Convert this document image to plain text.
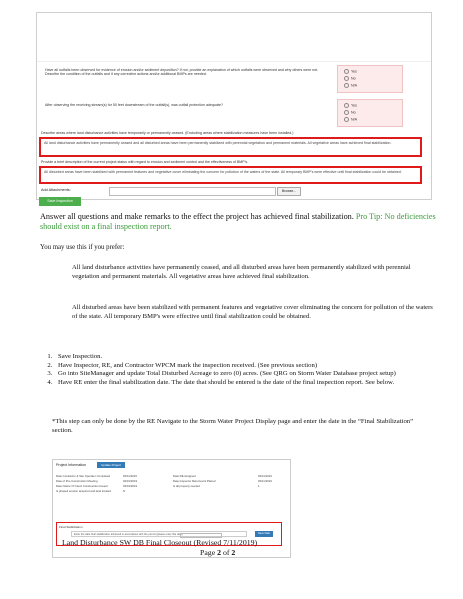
Have all outfalls been observed for evidence of erosion and/or sediment deposition? If not, provide an explanation of which outfalls were observed and why others were not. Describe the condition of the outfalls and if any corrective actions and/or additional BMPs are needed.
Yes
No
N/A
After observing the receiving stream(s) for 50 feet downstream of the outfall(s), was outfall protection adequate?	Yes
No
N/A
Describe areas where land disturbance activities have temporarily or permanently ceased. (Excluding areas where stabilization measures have been installed.)
All land disturbance activities have permanently ceased and all disturbed areas have been permanently stabilized with perennial vegetation and permanent materials. All vegetative areas have achieved final stabilization.
Provide a brief description of the current project status with regard to erosion and sediment control and the effectiveness of BMP's.
All disturbed areas have been stabilized with permanent features and vegetative cover eliminating the concern for pollution of the waters of the state. All temporary BMP's were effective until final stabilization could be obtained.
Add Attachments:	Browse...
Save Inspection
Answer all questions and make remarks to the effect the project has achieved final stabilization. Pro Tip: No deficiencies should exist on a final inspection report.
You may use this if you prefer:
All land disturbance activities have permanently ceased, and all disturbed areas have been permanently stabilized with perennial vegetation and permanent materials. All vegetative areas have achieved final stabilization.
All disturbed areas have been stabilized with permanent features and vegetative cover eliminating the concern for pollution of the waters of the state. All temporary BMP's were effective until final stabilization could be obtained.
1. Save Inspection.
2. Have Inspector, RE, and Contractor WPCM mark the inspection received. (See previous section)
3. Go into SiteManager and update Total Disturbed Acreage to zero (0) acres. (See QRG on Storm Water Database project setup)
4. Have RE enter the final stabilization date. The date that should be entered is the date of the final inspection report. See below.
*This step can only be done by the RE Navigate to the Storm Water Project Display page and enter the date in the “Final Stabilization” section.
Project Information	Update Project
Date Contractor & Site Operator Completed	03/11/2019	Date RE Assigned	03/11/2019
Date of Pre-Construction Meeting	04/01/2019	Date Inspector Returned & Placed	03/11/2019
Date Notice Of Intent Construction Issued	04/01/2019	Is all property needed	1
Is phased erosion acquired and land located	N
Final Stabilization
Enter the date final stabilization achieved in accordance with the permit (please enter this date)	Save Date
Land Disturbance SW DB Final Closeout (Revised 7/11/2019)
Page 2 of 2
